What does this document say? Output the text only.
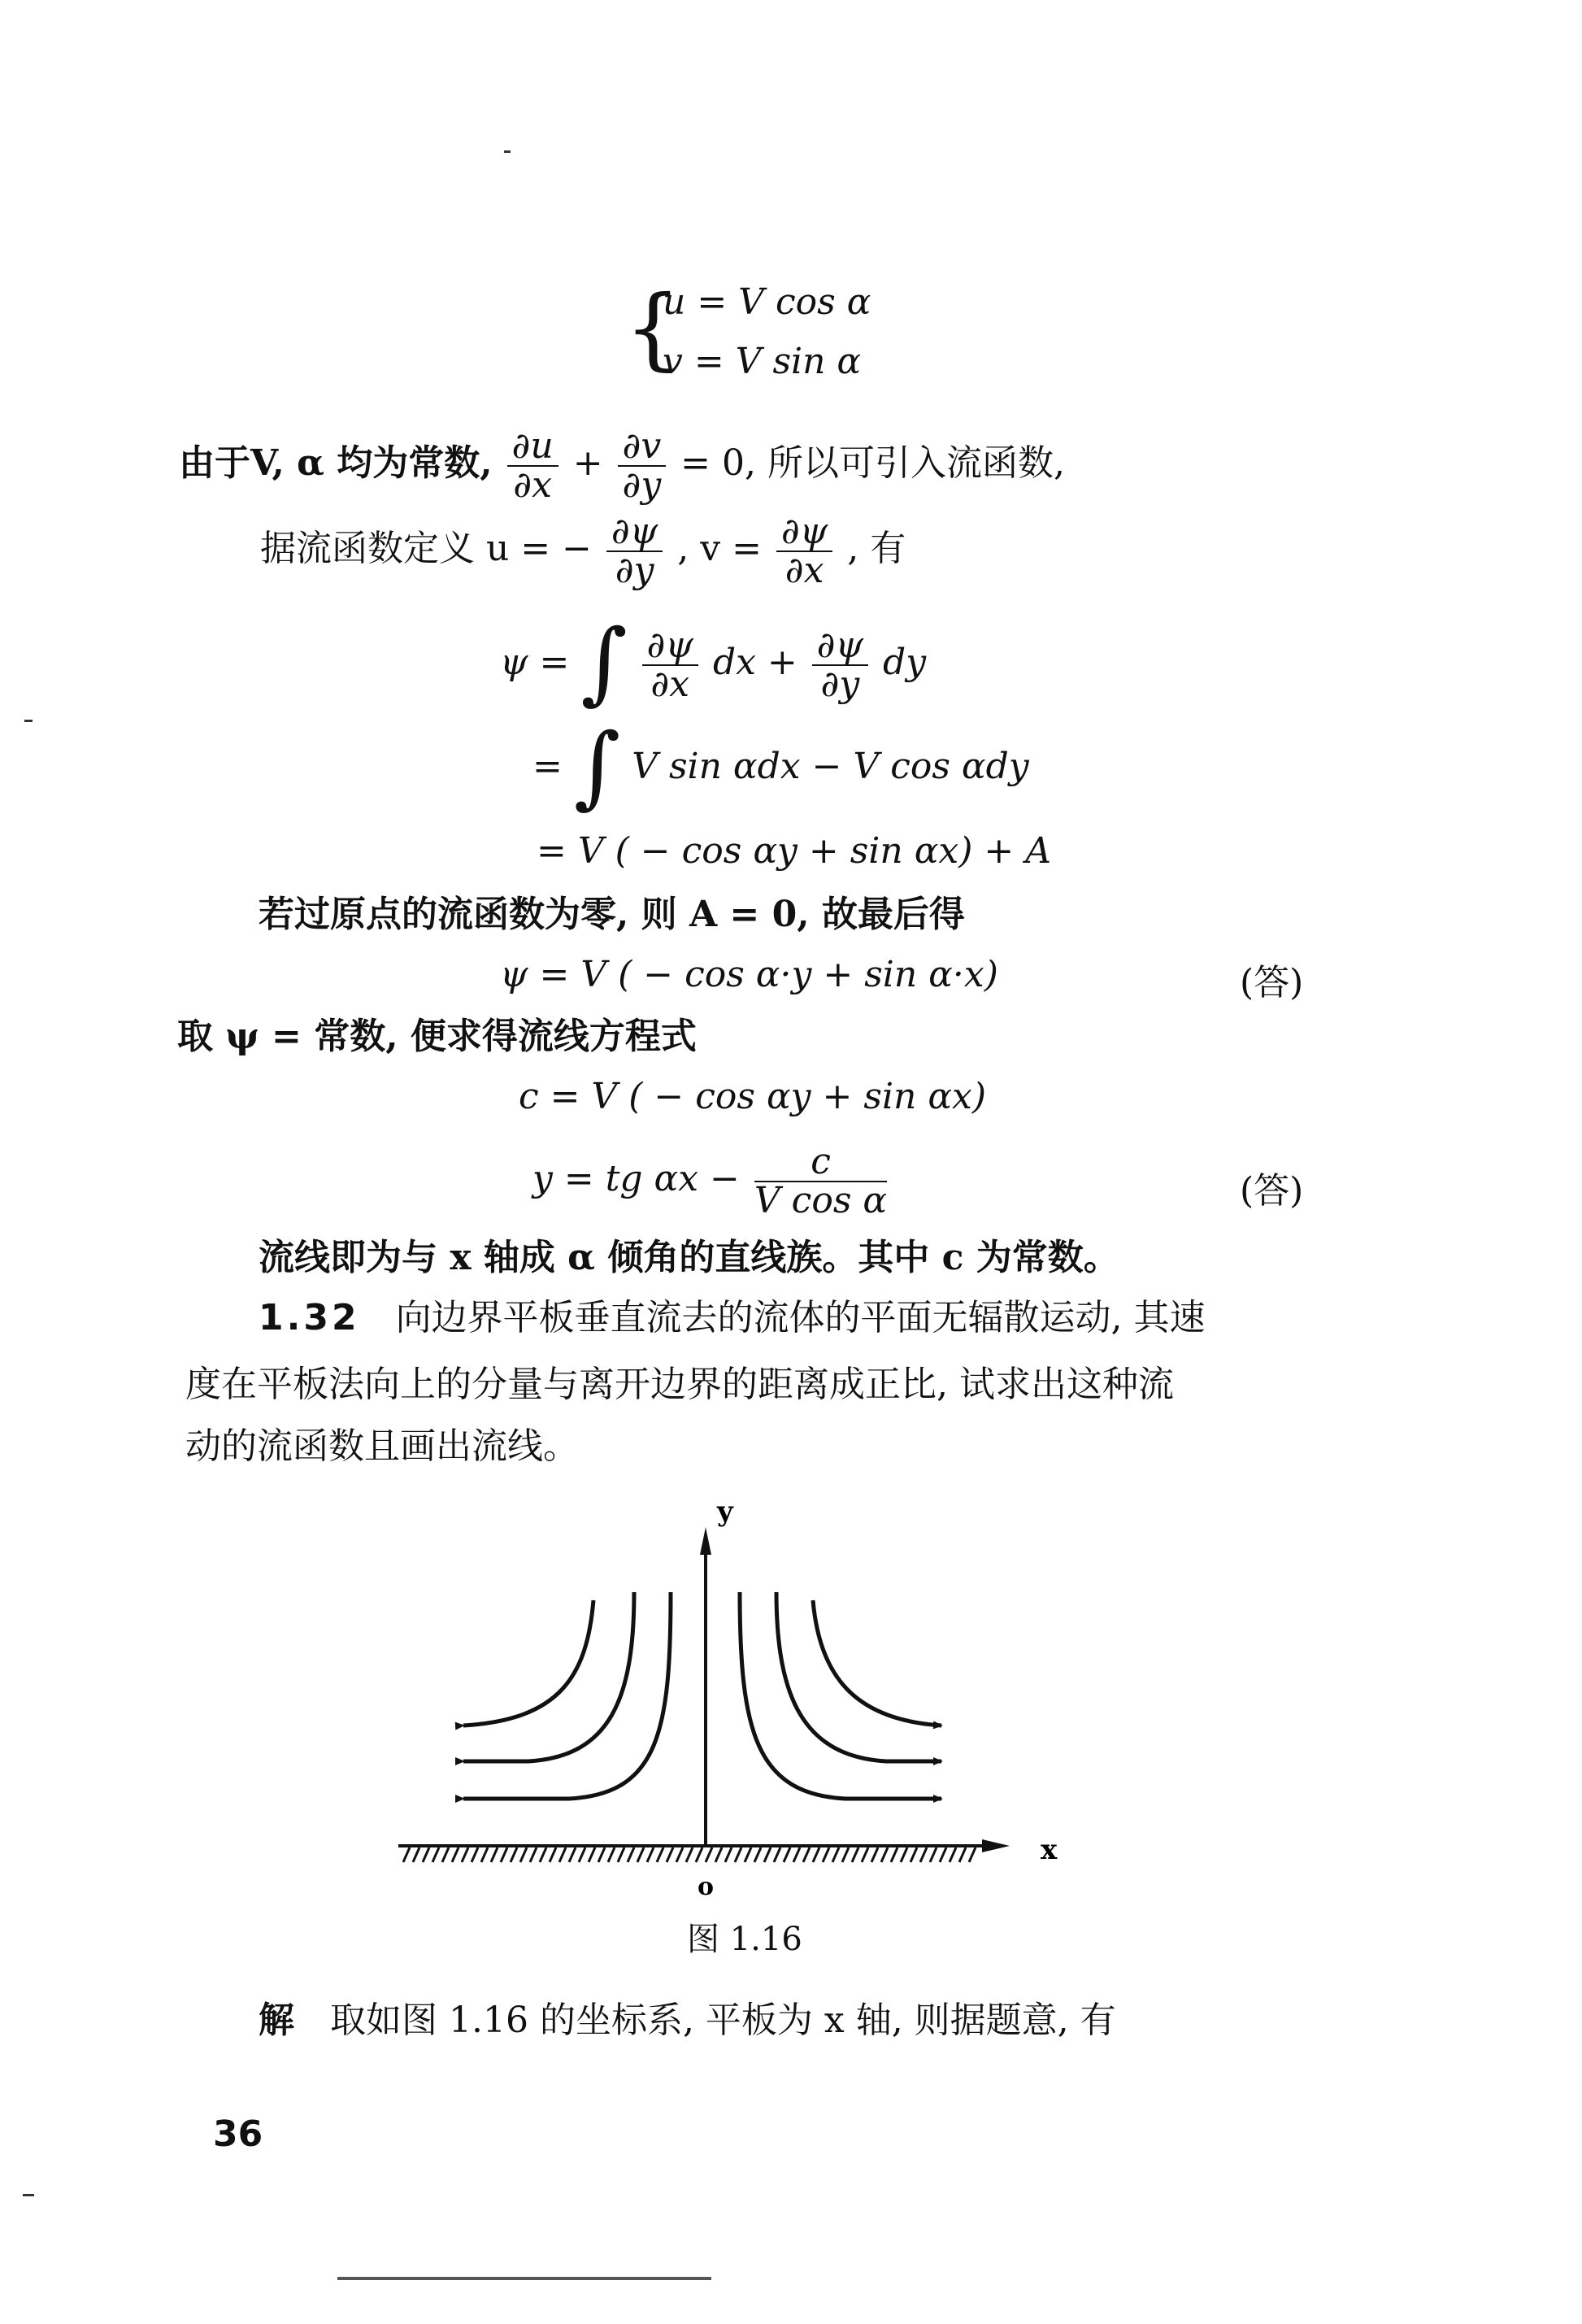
{
u = V cos α
v = V sin α
由于V, α 均为常数, $\frac{\partial u}{\partial x} + \frac{\partial v}{\partial y} = 0$, 所以可引入流函数,
据流函数定义 u = − $\frac{\partial\psi}{\partial y}$ , $v = \frac{\partial\psi}{\partial x}$ , 有
ψ = ∫ $\frac{\partial\psi}{\partial x}$ dx + $\frac{\partial\psi}{\partial y}$ dy
= ∫ V sin αdx − V cos αdy
= V ( − cos αy + sin αx) + A
若过原点的流函数为零, 则 A = 0, 故最后得
ψ = V ( − cos α·y + sin α·x)	(答)
取 ψ = 常数, 便求得流线方程式
c = V ( − cos αy + sin αx)
y = tg $\alpha x - \frac{c}{\text{V cos α}}$	(答)
流线即为与 x 轴成 α 倾角的直线族。其中 c 为常数。
1.32 向边界平板垂直流去的流体的平面无辐散运动, 其速
度在平板法向上的分量与离开边界的距离成正比, 试求出这种流
动的流函数且画出流线。
y
x
o
图 1.16
解 取如图 1.16 的坐标系, 平板为 x 轴, 则据题意, 有
36
